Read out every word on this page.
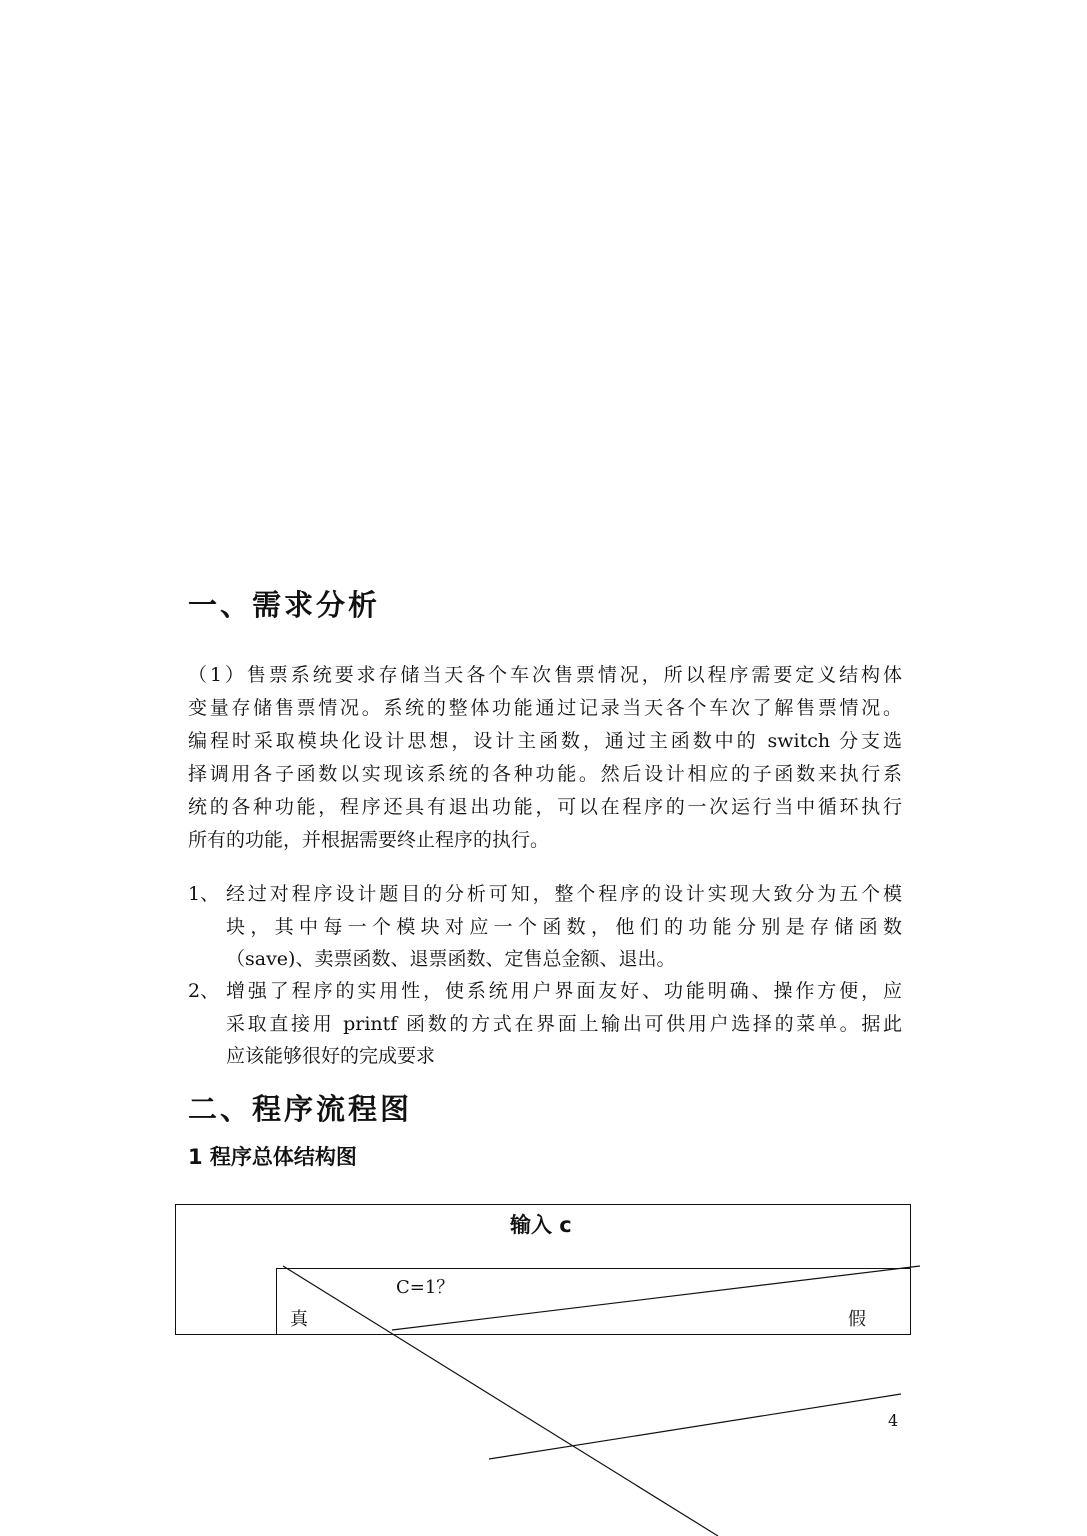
一、需求分析
（1）售票系统要求存储当天各个车次售票情况，所以程序需要定义结构体
变量存储售票情况。系统的整体功能通过记录当天各个车次了解售票情况。
编程时采取模块化设计思想，设计主函数，通过主函数中的 switch 分支选
择调用各子函数以实现该系统的各种功能。然后设计相应的子函数来执行系
统的各种功能，程序还具有退出功能，可以在程序的一次运行当中循环执行
所有的功能，并根据需要终止程序的执行。
1、 经过对程序设计题目的分析可知，整个程序的设计实现大致分为五个模
块，其中每一个模块对应一个函数，他们的功能分别是存储函数
（save)、卖票函数、退票函数、定售总金额、退出。
2、 增强了程序的实用性，使系统用户界面友好、功能明确、操作方便，应
采取直接用 printf 函数的方式在界面上输出可供用户选择的菜单。据此
应该能够很好的完成要求
二、程序流程图
1 程序总体结构图
输入 c
C=1？
真	假
4
